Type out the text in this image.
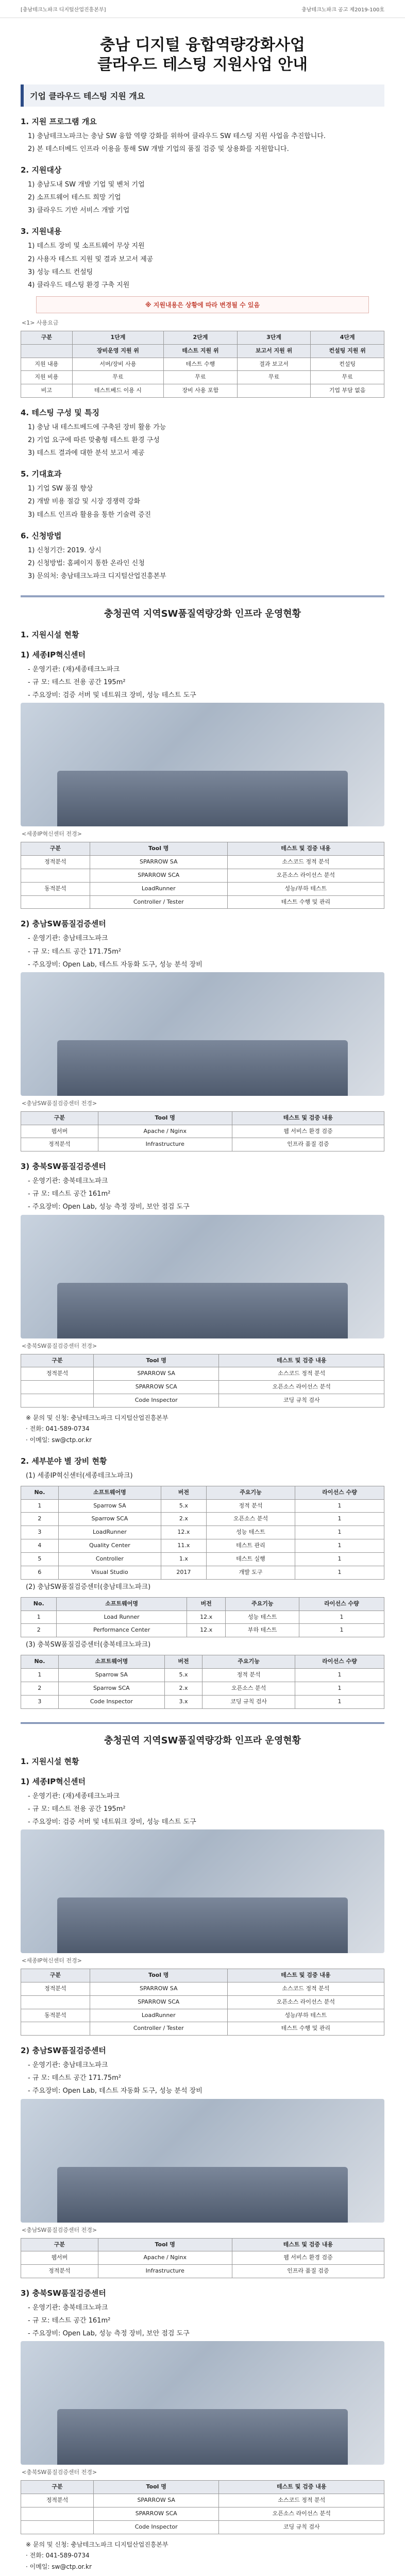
[충남테크노파크 디지털산업진흥본부]	충남테크노파크 공고 제2019-100호
충남 디지털 융합역량강화사업
클라우드 테스팅 지원사업 안내
기업 클라우드 테스팅 지원 개요
1. 지원 프로그램 개요

1) 충남테크노파크는 충남 SW 융합 역량 강화를 위하여 클라우드 SW 테스팅 지원 사업을 추진합니다.

2) 본 테스터베드 인프라 이용을 통해 SW 개발 기업의 품질 검증 및 상용화를 지원합니다.

2. 지원대상

1) 충남도내 SW 개발 기업 및 벤처 기업

2) 소프트웨어 테스트 희망 기업

3) 클라우드 기반 서비스 개발 기업

3. 지원내용

1) 테스트 장비 및 소프트웨어 무상 지원

2) 사용자 테스트 지원 및 결과 보고서 제공

3) 성능 테스트 컨설팅

4) 클라우드 테스팅 환경 구축 지원

※ 지원내용은 상황에 따라 변경될 수 있음
<1> 사용요금
구분	1단계	2단계	3단계	4단계
	장비운영 지원 위	테스트 지원 위	보고서 지원 위	컨설팅 지원 위
지원 내용	서버/장비 사용	테스트 수행	결과 보고서	컨설팅
지원 비용	무료	무료	무료	무료
비고	테스트베드 이용 시	장비 사용 포함		기업 부담 없음
4. 테스팅 구성 및 특징

1) 충남 내 테스트베드에 구축된 장비 활용 가능

2) 기업 요구에 따른 맞춤형 테스트 환경 구성

3) 테스트 결과에 대한 분석 보고서 제공

5. 기대효과

1) 기업 SW 품질 향상

2) 개발 비용 절감 및 시장 경쟁력 강화

3) 테스트 인프라 활용을 통한 기술력 증진

6. 신청방법

1) 신청기간: 2019. 상시

2) 신청방법: 홈페이지 통한 온라인 신청

3) 문의처: 충남테크노파크 디지털산업진흥본부

충청권역 지역SW품질역량강화 인프라 운영현황
1. 지원시설 현황
1) 세종IP혁신센터

- 운영기관: (재)세종테크노파크

- 규 모: 테스트 전용 공간 195m²

- 주요장비: 검증 서버 및 네트워크 장비, 성능 테스트 도구

<세종IP혁신센터 전경>
구분	Tool 명	테스트 및 검증 내용
정적분석	SPARROW SA	소스코드 정적 분석
	SPARROW SCA	오픈소스 라이선스 분석
동적분석	LoadRunner	성능/부하 테스트
	Controller / Tester	테스트 수행 및 관리
2) 충남SW품질검증센터

- 운영기관: 충남테크노파크

- 규 모: 테스트 공간 171.75m²

- 주요장비: Open Lab, 테스트 자동화 도구, 성능 분석 장비

<충남SW품질검증센터 전경>
구분	Tool 명	테스트 및 검증 내용
웹서버	Apache / Nginx	웹 서비스 환경 검증
정적분석	Infrastructure	인프라 품질 검증
3) 충북SW품질검증센터

- 운영기관: 충북테크노파크

- 규 모: 테스트 공간 161m²

- 주요장비: Open Lab, 성능 측정 장비, 보안 점검 도구

<충북SW품질검증센터 전경>
구분	Tool 명	테스트 및 검증 내용
정적분석	SPARROW SA	소스코드 정적 분석
	SPARROW SCA	오픈소스 라이선스 분석
	Code Inspector	코딩 규칙 검사
※ 문의 및 신청: 충남테크노파크 디지털산업진흥본부
· 전화: 041-589-0734
· 이메일: sw@ctp.or.kr
2. 세부분야 별 장비 현황
(1) 세종IP혁신센터(세종테크노파크)
No.	소프트웨어명	버전	주요기능	라이선스 수량
1	Sparrow SA	5.x	정적 분석	1
2	Sparrow SCA	2.x	오픈소스 분석	1
3	LoadRunner	12.x	성능 테스트	1
4	Quality Center	11.x	테스트 관리	1
5	Controller	1.x	테스트 실행	1
6	Visual Studio	2017	개발 도구	1
(2) 충남SW품질검증센터(충남테크노파크)
No.	소프트웨어명	버전	주요기능	라이선스 수량
1	Load Runner	12.x	성능 테스트	1
2	Performance Center	12.x	부하 테스트	1
(3) 충북SW품질검증센터(충북테크노파크)
No.	소프트웨어명	버전	주요기능	라이선스 수량
1	Sparrow SA	5.x	정적 분석	1
2	Sparrow SCA	2.x	오픈소스 분석	1
3	Code Inspector	3.x	코딩 규칙 검사	1
충청권역 지역SW품질역량강화 인프라 운영현황
1. 지원시설 현황
1) 세종IP혁신센터

- 운영기관: (재)세종테크노파크

- 규 모: 테스트 전용 공간 195m²

- 주요장비: 검증 서버 및 네트워크 장비, 성능 테스트 도구

<세종IP혁신센터 전경>
구분	Tool 명	테스트 및 검증 내용
정적분석	SPARROW SA	소스코드 정적 분석
	SPARROW SCA	오픈소스 라이선스 분석
동적분석	LoadRunner	성능/부하 테스트
	Controller / Tester	테스트 수행 및 관리
2) 충남SW품질검증센터

- 운영기관: 충남테크노파크

- 규 모: 테스트 공간 171.75m²

- 주요장비: Open Lab, 테스트 자동화 도구, 성능 분석 장비

<충남SW품질검증센터 전경>
구분	Tool 명	테스트 및 검증 내용
웹서버	Apache / Nginx	웹 서비스 환경 검증
정적분석	Infrastructure	인프라 품질 검증
3) 충북SW품질검증센터

- 운영기관: 충북테크노파크

- 규 모: 테스트 공간 161m²

- 주요장비: Open Lab, 성능 측정 장비, 보안 점검 도구

<충북SW품질검증센터 전경>
구분	Tool 명	테스트 및 검증 내용
정적분석	SPARROW SA	소스코드 정적 분석
	SPARROW SCA	오픈소스 라이선스 분석
	Code Inspector	코딩 규칙 검사
※ 문의 및 신청: 충남테크노파크 디지털산업진흥본부
· 전화: 041-589-0734
· 이메일: sw@ctp.or.kr
